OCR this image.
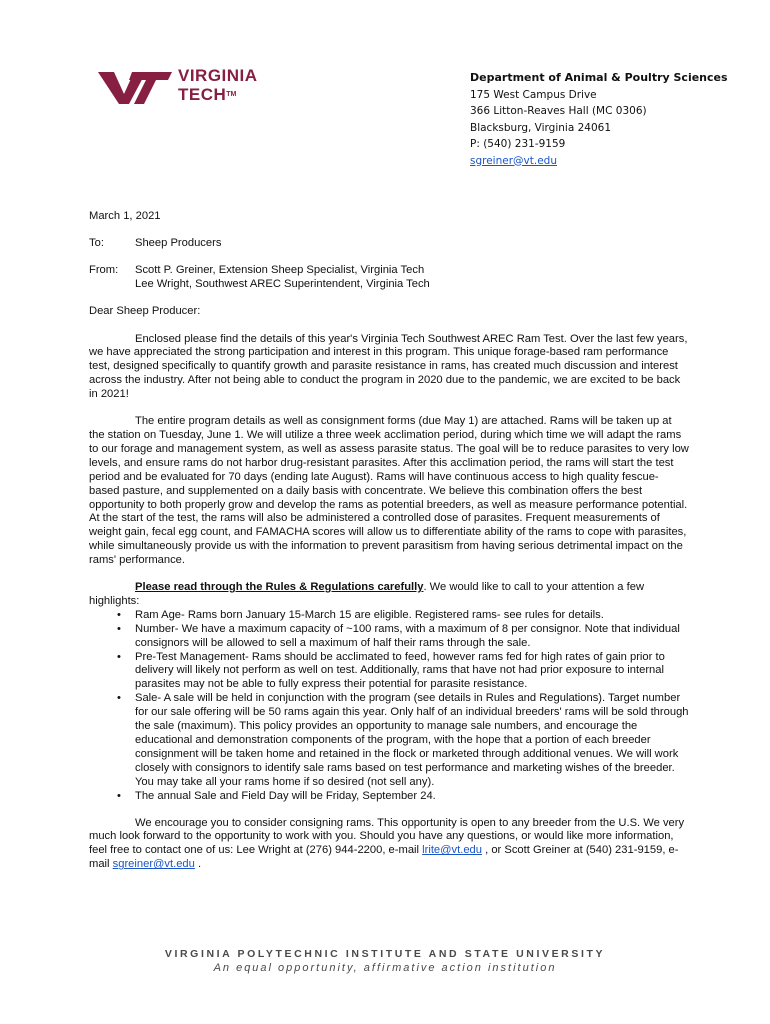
VIRGINIA
TECHTM
Department of Animal & Poultry Sciences
175 West Campus Drive
366 Litton-Reaves Hall (MC 0306)
Blacksburg, Virginia 24061
P: (540) 231-9159
sgreiner@vt.edu
March 1, 2021
To:	Sheep Producers
From:	Scott P. Greiner, Extension Sheep Specialist, Virginia Tech
Lee Wright, Southwest AREC Superintendent, Virginia Tech
Dear Sheep Producer:

Enclosed please find the details of this year's Virginia Tech Southwest AREC Ram Test. Over the last few years, we have appreciated the strong participation and interest in this program. This unique forage-based ram performance test, designed specifically to quantify growth and parasite resistance in rams, has created much discussion and interest across the industry. After not being able to conduct the program in 2020 due to the pandemic, we are excited to be back in 2021!

The entire program details as well as consignment forms (due May 1) are attached. Rams will be taken up at the station on Tuesday, June 1. We will utilize a three week acclimation period, during which time we will adapt the rams to our forage and management system, as well as assess parasite status. The goal will be to reduce parasites to very low levels, and ensure rams do not harbor drug-resistant parasites. After this acclimation period, the rams will start the test period and be evaluated for 70 days (ending late August). Rams will have continuous access to high quality fescue-based pasture, and supplemented on a daily basis with concentrate. We believe this combination offers the best opportunity to both properly grow and develop the rams as potential breeders, as well as measure performance potential. At the start of the test, the rams will also be administered a controlled dose of parasites. Frequent measurements of weight gain, fecal egg count, and FAMACHA scores will allow us to differentiate ability of the rams to cope with parasites, while simultaneously provide us with the information to prevent parasitism from having serious detrimental impact on the rams' performance.

Please read through the Rules & Regulations carefully. We would like to call to your attention a few highlights:

• Ram Age- Rams born January 15-March 15 are eligible. Registered rams- see rules for details.
• Number- We have a maximum capacity of ~100 rams, with a maximum of 8 per consignor. Note that individual consignors will be allowed to sell a maximum of half their rams through the sale.
• Pre-Test Management- Rams should be acclimated to feed, however rams fed for high rates of gain prior to delivery will likely not perform as well on test. Additionally, rams that have not had prior exposure to internal parasites may not be able to fully express their potential for parasite resistance.
• Sale- A sale will be held in conjunction with the program (see details in Rules and Regulations). Target number for our sale offering will be 50 rams again this year. Only half of an individual breeders' rams will be sold through the sale (maximum). This policy provides an opportunity to manage sale numbers, and encourage the educational and demonstration components of the program, with the hope that a portion of each breeder consignment will be taken home and retained in the flock or marketed through additional venues. We will work closely with consignors to identify sale rams based on test performance and marketing wishes of the breeder. You may take all your rams home if so desired (not sell any).
• The annual Sale and Field Day will be Friday, September 24.

We encourage you to consider consigning rams. This opportunity is open to any breeder from the U.S. We very much look forward to the opportunity to work with you. Should you have any questions, or would like more information, feel free to contact one of us: Lee Wright at (276) 944-2200, e-mail lrite@vt.edu , or Scott Greiner at (540) 231-9159, e-mail sgreiner@vt.edu .

VIRGINIA POLYTECHNIC INSTITUTE AND STATE UNIVERSITY
An equal opportunity, affirmative action institution
